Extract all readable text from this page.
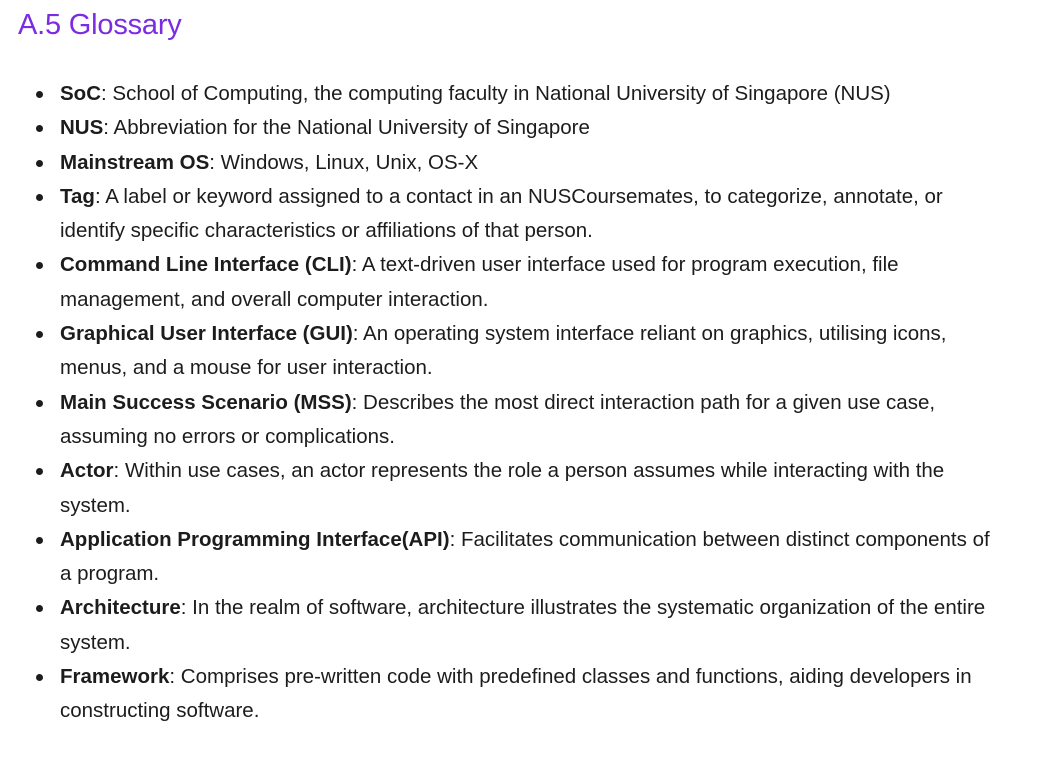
A.5 Glossary
SoC: School of Computing, the computing faculty in National University of Singapore (NUS)
NUS: Abbreviation for the National University of Singapore
Mainstream OS: Windows, Linux, Unix, OS-X
Tag: A label or keyword assigned to a contact in an NUSCoursemates, to categorize, annotate, or identify specific characteristics or affiliations of that person.
Command Line Interface (CLI): A text-driven user interface used for program execution, file management, and overall computer interaction.
Graphical User Interface (GUI): An operating system interface reliant on graphics, utilising icons, menus, and a mouse for user interaction.
Main Success Scenario (MSS): Describes the most direct interaction path for a given use case, assuming no errors or complications.
Actor: Within use cases, an actor represents the role a person assumes while interacting with the system.
Application Programming Interface(API): Facilitates communication between distinct components of a program.
Architecture: In the realm of software, architecture illustrates the systematic organization of the entire system.
Framework: Comprises pre-written code with predefined classes and functions, aiding developers in constructing software.
